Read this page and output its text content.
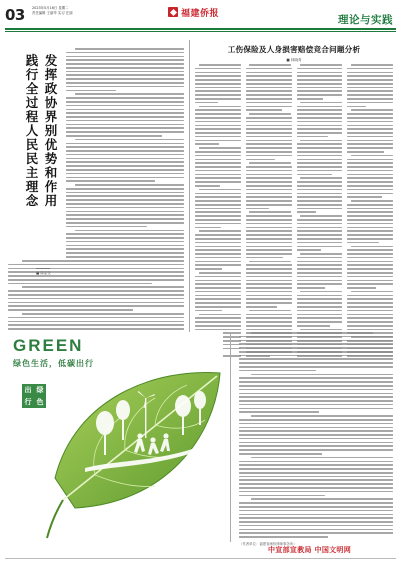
03 2023年5月16日 星期二
责任编辑 王丽华 实习 庄丽	福建侨报
理论与实践
发挥政协界别优势和作用
践行全过程人民民主理念
工伤保险及人身损害赔偿竞合问题分析
■ 林晓青
GREEN
绿色生活，低碳出行
出 绿
行 色
（作者单位：福建省闽侨律师事务所）
中宣部宣教局 中国文明网
